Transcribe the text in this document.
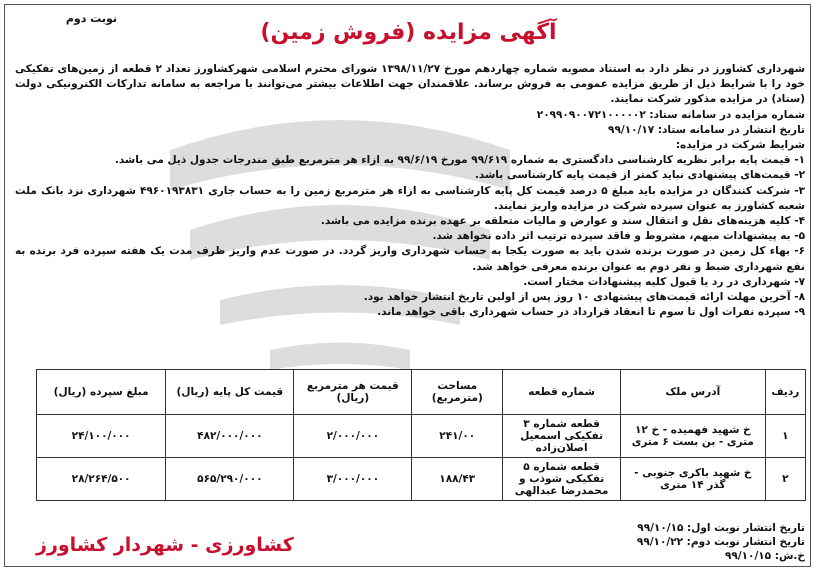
نوبت دوم
آگهی مزایده (فروش زمین)

شهرداری کشاورز در نظر دارد به استناد مصوبه شماره چهاردهم مورخ ۱۳۹۸/۱۱/۲۷ شورای محترم اسلامی شهرکشاورز تعداد ۲ قطعه از زمین‌های تفکیکی خود را با شرایط ذیل از طریق مزایده عمومی به فروش برساند. علاقمندان جهت اطلاعات بیشتر می‌توانند با مراجعه به سامانه تدارکات الکترونیکی دولت (ستاد) در مزایده مذکور شرکت نمایند.

شماره مزایده در سامانه ستاد: ۲۰۹۹۰۹۰۰۷۲۱۰۰۰۰۰۲

تاریخ انتشار در سامانه ستاد: ۹۹/۱۰/۱۷

شرایط شرکت در مزایده:

۱- قیمت پایه برابر نظریه کارشناسی دادگستری به شماره ۹۹/۶۱۹ مورخ ۹۹/۶/۱۹ به ازاء هر مترمربع طبق مندرجات جدول ذیل می باشد.

۲- قیمت‌های پیشنهادی نباید کمتر از قیمت پایه کارشناسی باشد.

۳- شرکت کنندگان در مزایده باید مبلغ ۵ درصد قیمت کل پایه کارشناسی به ازاء هر مترمربع زمین را به حساب جاری ۴۹۶۰۱۹۳۸۳۱ شهرداری نزد بانک ملت شعبه کشاورز به عنوان سپرده شرکت در مزایده واریز نمایند.

۴- کلیه هزینه‌های نقل و انتقال سند و عوارض و مالیات متعلقه بر عهده برنده مزایده می باشد.

۵- به پیشنهادات مبهم، مشروط و فاقد سپرده ترتیب اثر داده نخواهد شد.

۶- بهاء کل زمین در صورت برنده شدن باید به صورت یکجا به حساب شهرداری واریز گردد. در صورت عدم واریز ظرف مدت یک هفته سپرده فرد برنده به نفع شهرداری ضبط و نفر دوم به عنوان برنده معرفی خواهد شد.

۷- شهرداری در رد یا قبول کلیه پیشنهادات مختار است.

۸- آخرین مهلت ارائه قیمت‌های پیشنهادی ۱۰ روز پس از اولین تاریخ انتشار خواهد بود.

۹- سپرده نفرات اول تا سوم تا انعقاد قرارداد در حساب شهرداری باقی خواهد ماند.

ردیف	آدرس ملک	شماره قطعه	مساحت (مترمربع)	قیمت هر مترمربع (ریال)	قیمت کل پایه (ریال)	مبلغ سپرده (ریال)
۱	خ شهید فهمیده - خ ۱۲ متری - بن بست ۶ متری	قطعه شماره ۳ تفکیکی اسمعیل اصلان‌زاده	۲۴۱/۰۰	۲/۰۰۰/۰۰۰	۴۸۲/۰۰۰/۰۰۰	۲۴/۱۰۰/۰۰۰
۲	خ شهید باکری جنوبی - گذر ۱۴ متری	قطعه شماره ۵ تفکیکی شوذب و محمدرضا عبدالهی	۱۸۸/۴۳	۳/۰۰۰/۰۰۰	۵۶۵/۲۹۰/۰۰۰	۲۸/۲۶۴/۵۰۰
تاریخ انتشار نوبت اول: ۹۹/۱۰/۱۵
تاریخ انتشار نوبت دوم: ۹۹/۱۰/۲۲
خ.ش: ۹۹/۱۰/۱۵
کشاورزی - شهردار کشاورز
